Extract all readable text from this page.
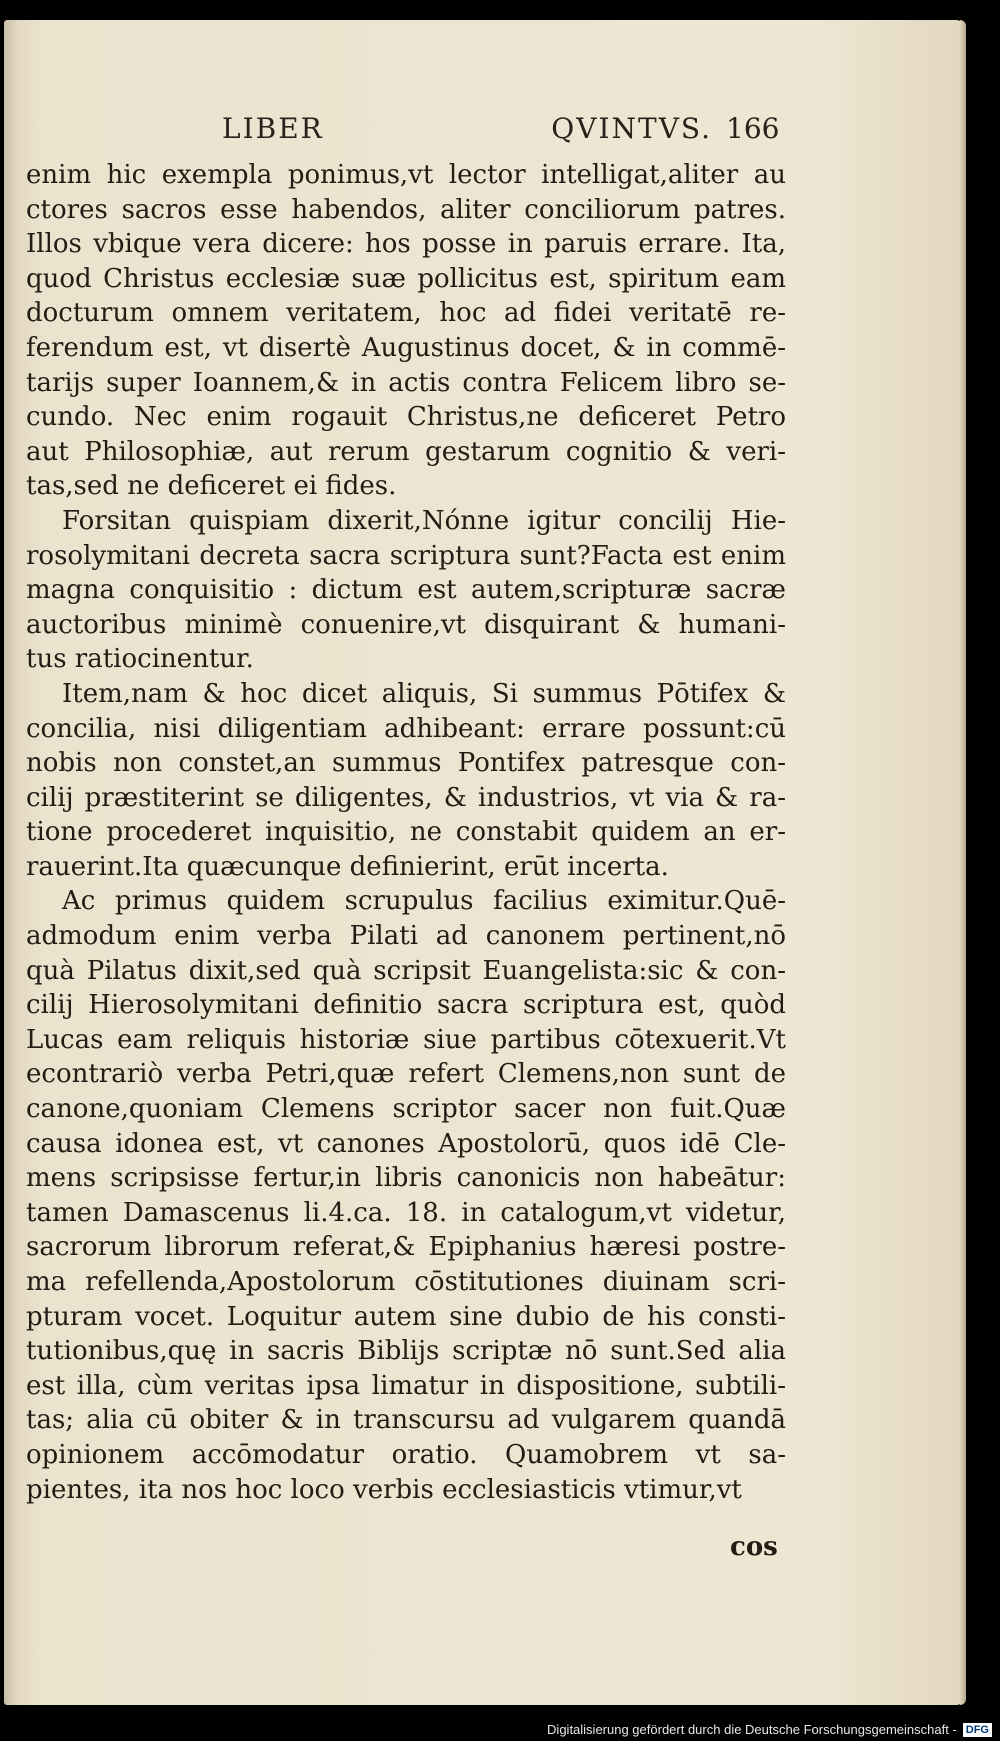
LIBER	QVINTVS. 166
enim hic exempla ponimus,vt lector intelligat,aliter au
ctores sacros esse habendos, aliter conciliorum patres.
Illos vbique vera dicere: hos posse in paruis errare. Ita,
quod Christus ecclesiæ suæ pollicitus est, spiritum eam
docturum omnem veritatem, hoc ad fidei veritatē re-
ferendum est, vt disertè Augustinus docet, & in commē-
tarijs super Ioannem,& in actis contra Felicem libro se-
cundo. Nec enim rogauit Christus,ne deficeret Petro
aut Philosophiæ, aut rerum gestarum cognitio & veri-
tas,sed ne deficeret ei fides.
Forsitan quispiam dixerit,Nónne igitur concilij Hie-
rosolymitani decreta sacra scriptura sunt?Facta est enim
magna conquisitio : dictum est autem,scripturæ sacræ
auctoribus minimè conuenire,vt disquirant & humani-
tus ratiocinentur.
Item,nam & hoc dicet aliquis, Si summus Pōtifex &
concilia, nisi diligentiam adhibeant: errare possunt:cū
nobis non constet,an summus Pontifex patresque con-
cilij præstiterint se diligentes, & industrios, vt via & ra-
tione procederet inquisitio, ne constabit quidem an er-
rauerint.Ita quæcunque definierint, erūt incerta.
Ac primus quidem scrupulus facilius eximitur.Quē-
admodum enim verba Pilati ad canonem pertinent,nō
quà Pilatus dixit,sed quà scripsit Euangelista:sic & con-
cilij Hierosolymitani definitio sacra scriptura est, quòd
Lucas eam reliquis historiæ siue partibus cōtexuerit.Vt
econtrariò verba Petri,quæ refert Clemens,non sunt de
canone,quoniam Clemens scriptor sacer non fuit.Quæ
causa idonea est, vt canones Apostolorū, quos idē Cle-
mens scripsisse fertur,in libris canonicis non habeātur:
tamen Damascenus li.4.ca. 18. in catalogum,vt videtur,
sacrorum librorum referat,& Epiphanius hæresi postre-
ma refellenda,Apostolorum cōstitutiones diuinam scri-
pturam vocet. Loquitur autem sine dubio de his consti-
tutionibus,quę in sacris Biblijs scriptæ nō sunt.Sed alia
est illa, cùm veritas ipsa limatur in dispositione, subtili-
tas; alia cū obiter & in transcursu ad vulgarem quandā
opinionem accōmodatur oratio. Quamobrem vt sa-
pientes, ita nos hoc loco verbis ecclesiasticis vtimur,vt
cos
Digitalisierung gefördert durch die Deutsche Forschungsgemeinschaft - DFG
